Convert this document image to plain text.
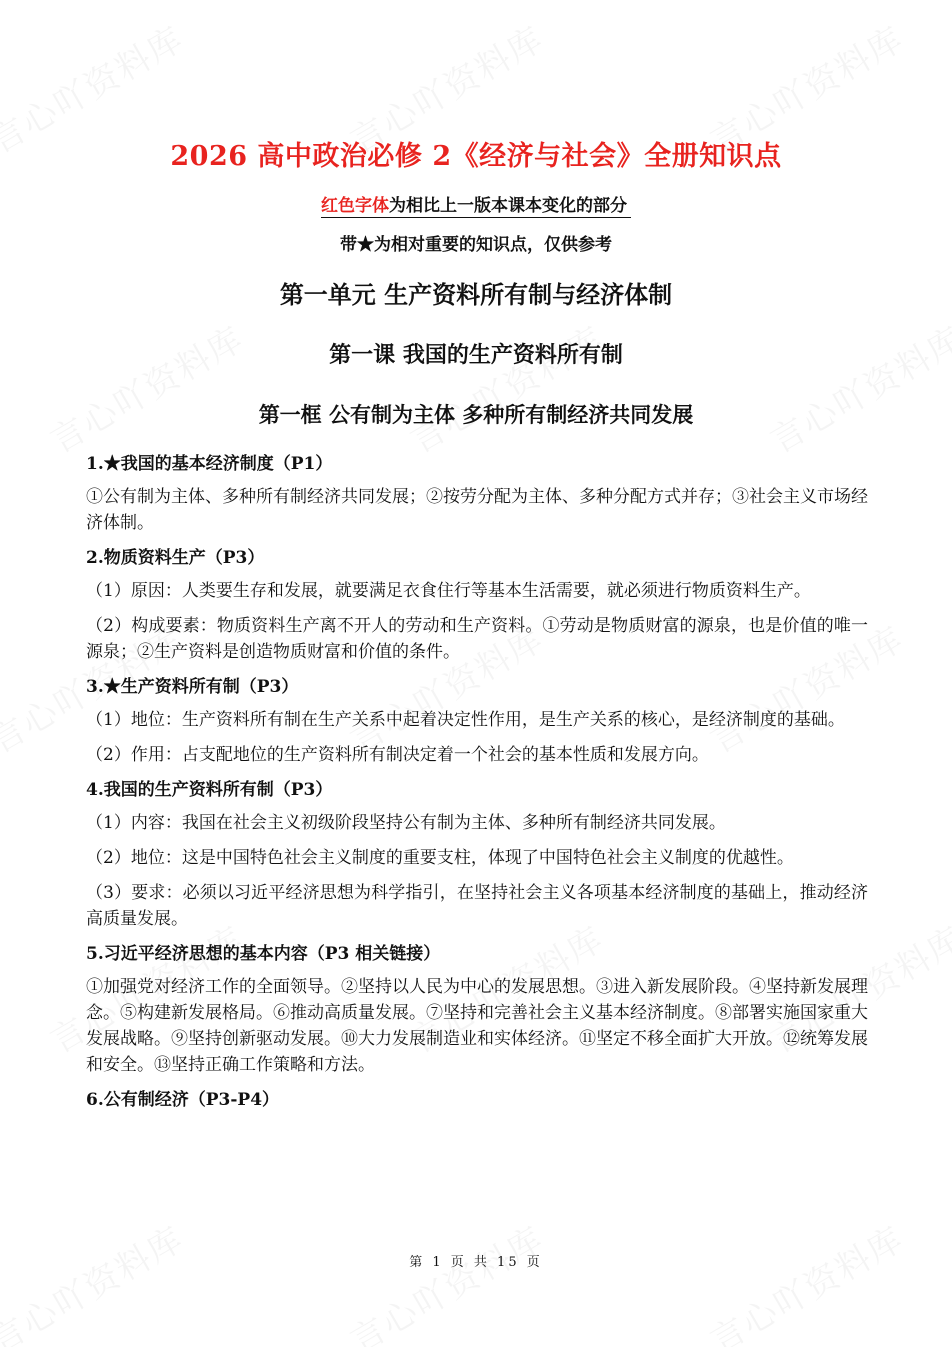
2026 高中政治必修 2《经济与社会》全册知识点
红色字体为相比上一版本课本变化的部分
带★为相对重要的知识点，仅供参考
第一单元 生产资料所有制与经济体制
第一课 我国的生产资料所有制
第一框 公有制为主体 多种所有制经济共同发展
1.★我国的基本经济制度（P1）
①公有制为主体、多种所有制经济共同发展；②按劳分配为主体、多种分配方式并存；③社会主义市场经济体制。
2.物质资料生产（P3）
（1）原因：人类要生存和发展，就要满足衣食住行等基本生活需要，就必须进行物质资料生产。
（2）构成要素：物质资料生产离不开人的劳动和生产资料。①劳动是物质财富的源泉，也是价值的唯一源泉；②生产资料是创造物质财富和价值的条件。
3.★生产资料所有制（P3）
（1）地位：生产资料所有制在生产关系中起着决定性作用，是生产关系的核心，是经济制度的基础。
（2）作用：占支配地位的生产资料所有制决定着一个社会的基本性质和发展方向。
4.我国的生产资料所有制（P3）
（1）内容：我国在社会主义初级阶段坚持公有制为主体、多种所有制经济共同发展。
（2）地位：这是中国特色社会主义制度的重要支柱，体现了中国特色社会主义制度的优越性。
（3）要求：必须以习近平经济思想为科学指引，在坚持社会主义各项基本经济制度的基础上，推动经济高质量发展。
5.习近平经济思想的基本内容（P3 相关链接）
①加强党对经济工作的全面领导。②坚持以人民为中心的发展思想。③进入新发展阶段。④坚持新发展理念。⑤构建新发展格局。⑥推动高质量发展。⑦坚持和完善社会主义基本经济制度。⑧部署实施国家重大发展战略。⑨坚持创新驱动发展。⑩大力发展制造业和实体经济。⑪坚定不移全面扩大开放。⑫统筹发展和安全。⑬坚持正确工作策略和方法。
6.公有制经济（P3-P4）
第 1 页 共 15 页
